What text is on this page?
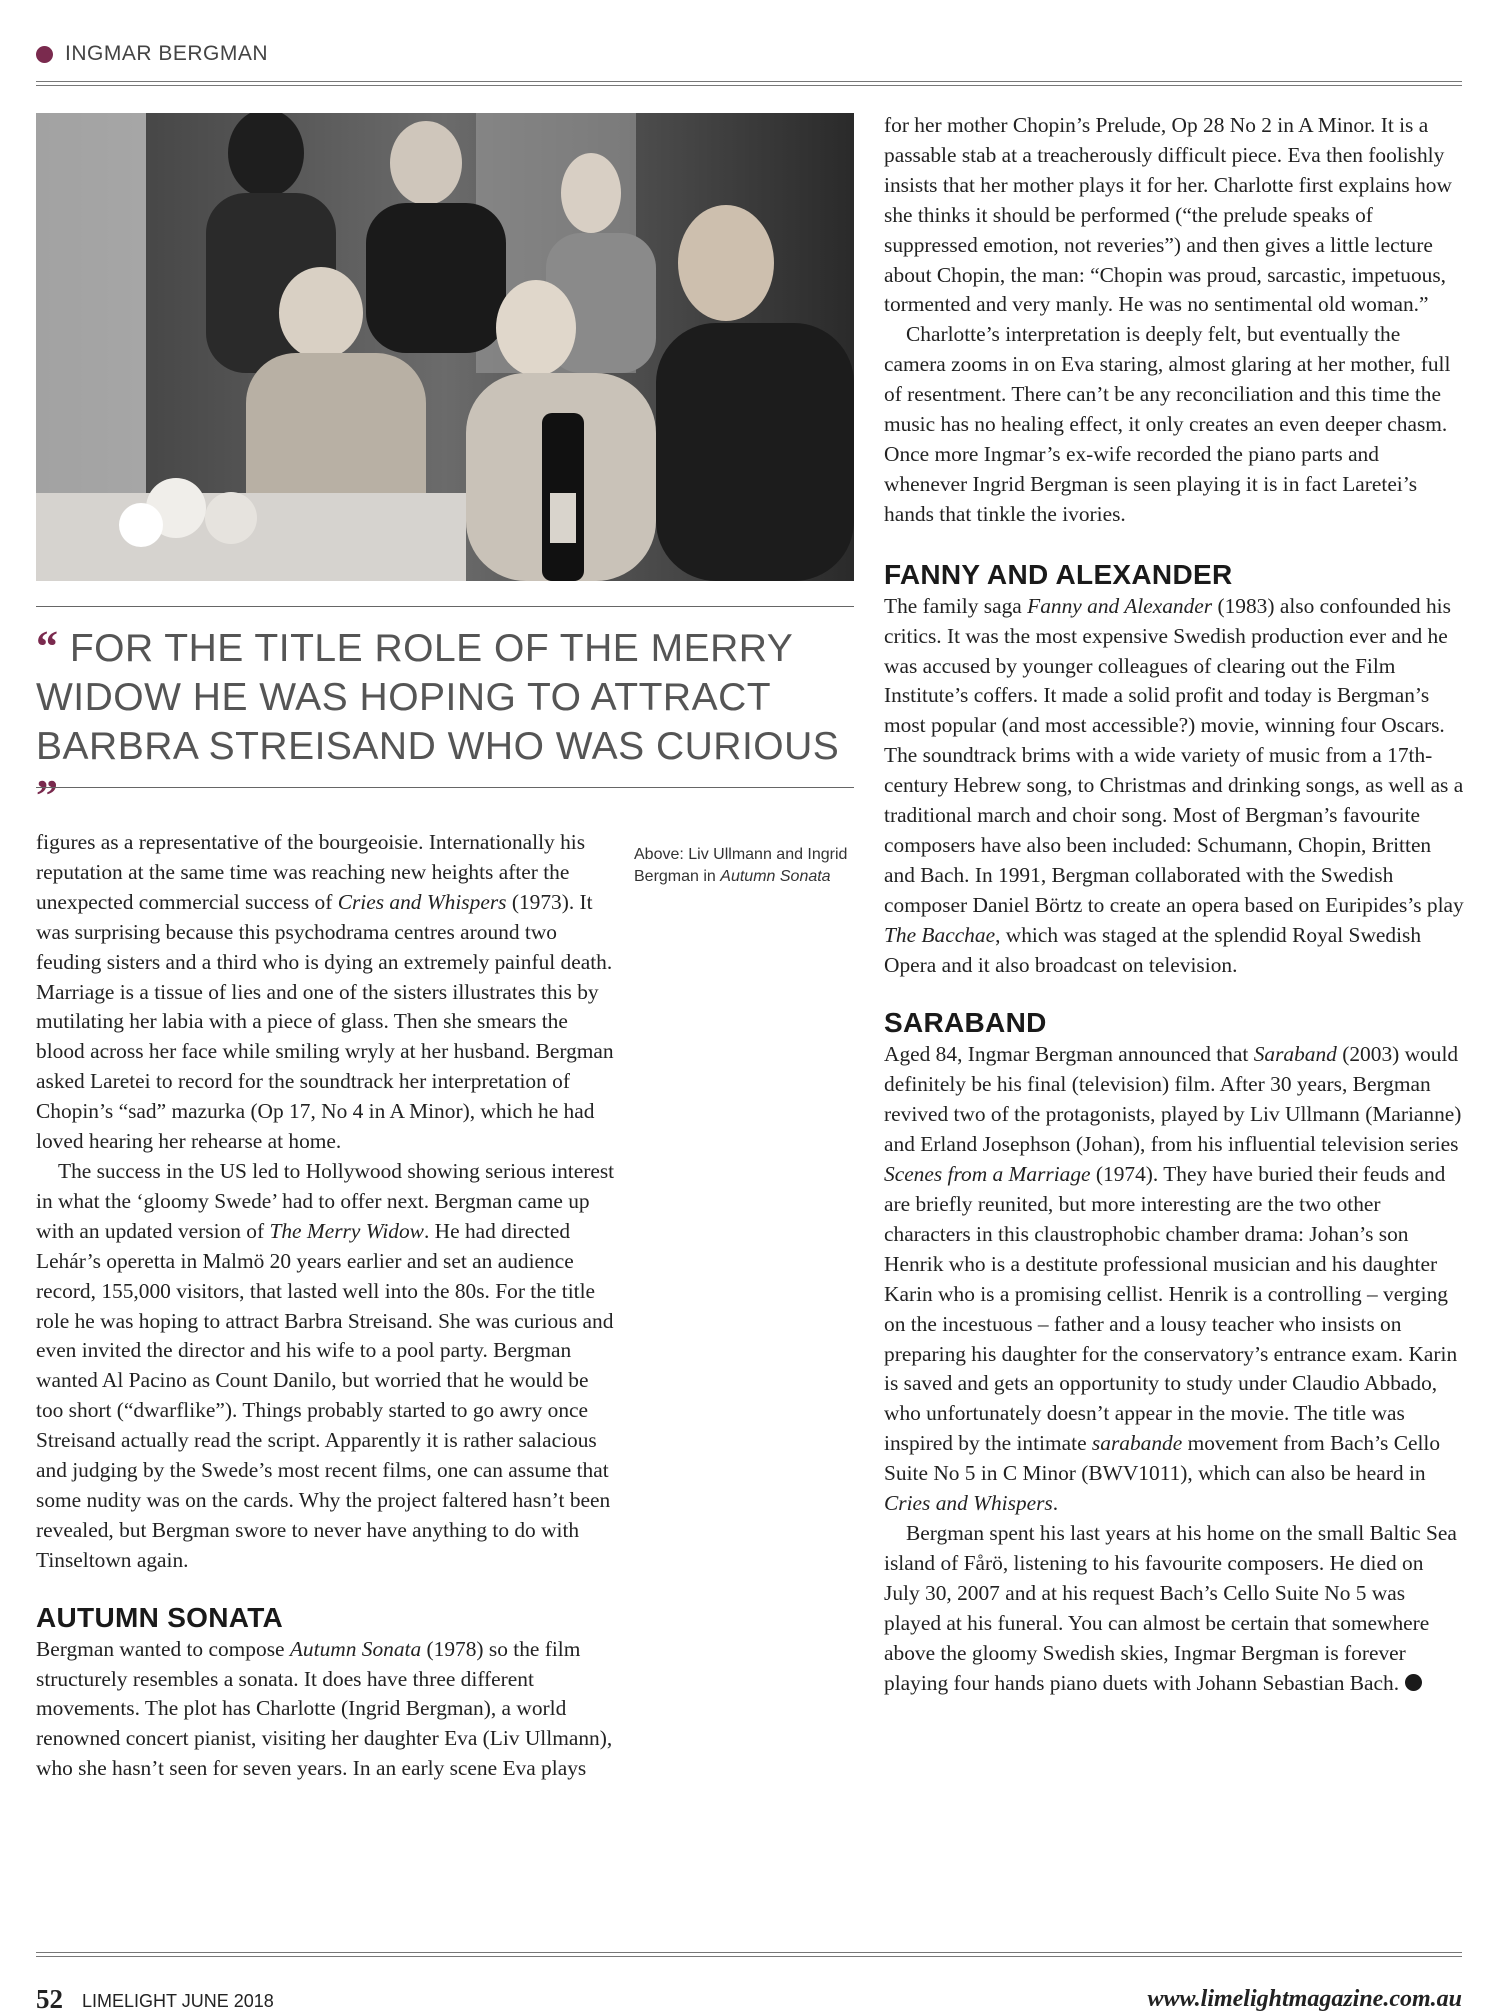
INGMAR BERGMAN

“ FOR THE TITLE ROLE OF THE MERRY WIDOW HE WAS HOPING TO ATTRACT BARBRA STREISAND WHO WAS CURIOUS ”

Above: Liv Ullmann and Ingrid Bergman in Autumn Sonata

figures as a representative of the bourgeoisie. Internationally his reputation at the same time was reaching new heights after the unexpected commercial success of Cries and Whispers (1973). It was surprising because this psychodrama centres around two feuding sisters and a third who is dying an extremely painful death. Marriage is a tissue of lies and one of the sisters illustrates this by mutilating her labia with a piece of glass. Then she smears the blood across her face while smiling wryly at her husband. Bergman asked Laretei to record for the soundtrack her interpretation of Chopin’s “sad” mazurka (Op 17, No 4 in A Minor), which he had loved hearing her rehearse at home.

The success in the US led to Hollywood showing serious interest in what the ‘gloomy Swede’ had to offer next. Bergman came up with an updated version of The Merry Widow. He had directed Lehár’s operetta in Malmö 20 years earlier and set an audience record, 155,000 visitors, that lasted well into the 80s. For the title role he was hoping to attract Barbra Streisand. She was curious and even invited the director and his wife to a pool party. Bergman wanted Al Pacino as Count Danilo, but worried that he would be too short (“dwarflike”). Things probably started to go awry once Streisand actually read the script. Apparently it is rather salacious and judging by the Swede’s most recent films, one can assume that some nudity was on the cards. Why the project faltered hasn’t been revealed, but Bergman swore to never have anything to do with Tinseltown again.

AUTUMN SONATA

Bergman wanted to compose Autumn Sonata (1978) so the film structurely resembles a sonata. It does have three different movements. The plot has Charlotte (Ingrid Bergman), a world renowned concert pianist, visiting her daughter Eva (Liv Ullmann), who she hasn’t seen for seven years. In an early scene Eva plays

for her mother Chopin’s Prelude, Op 28 No 2 in A Minor. It is a passable stab at a treacherously difficult piece. Eva then foolishly insists that her mother plays it for her. Charlotte first explains how she thinks it should be performed (“the prelude speaks of suppressed emotion, not reveries”) and then gives a little lecture about Chopin, the man: “Chopin was proud, sarcastic, impetuous, tormented and very manly. He was no sentimental old woman.”

Charlotte’s interpretation is deeply felt, but eventually the camera zooms in on Eva staring, almost glaring at her mother, full of resentment. There can’t be any reconciliation and this time the music has no healing effect, it only creates an even deeper chasm. Once more Ingmar’s ex-wife recorded the piano parts and whenever Ingrid Bergman is seen playing it is in fact Laretei’s hands that tinkle the ivories.

FANNY AND ALEXANDER

The family saga Fanny and Alexander (1983) also confounded his critics. It was the most expensive Swedish production ever and he was accused by younger colleagues of clearing out the Film Institute’s coffers. It made a solid profit and today is Bergman’s most popular (and most accessible?) movie, winning four Oscars. The soundtrack brims with a wide variety of music from a 17th-century Hebrew song, to Christmas and drinking songs, as well as a traditional march and choir song. Most of Bergman’s favourite composers have also been included: Schumann, Chopin, Britten and Bach. In 1991, Bergman collaborated with the Swedish composer Daniel Börtz to create an opera based on Euripides’s play The Bacchae, which was staged at the splendid Royal Swedish Opera and it also broadcast on television.

SARABAND

Aged 84, Ingmar Bergman announced that Saraband (2003) would definitely be his final (television) film. After 30 years, Bergman revived two of the protagonists, played by Liv Ullmann (Marianne) and Erland Josephson (Johan), from his influential television series Scenes from a Marriage (1974). They have buried their feuds and are briefly reunited, but more interesting are the two other characters in this claustrophobic chamber drama: Johan’s son Henrik who is a destitute professional musician and his daughter Karin who is a promising cellist. Henrik is a controlling – verging on the incestuous – father and a lousy teacher who insists on preparing his daughter for the conservatory’s entrance exam. Karin is saved and gets an opportunity to study under Claudio Abbado, who unfortunately doesn’t appear in the movie. The title was inspired by the intimate sarabande movement from Bach’s Cello Suite No 5 in C Minor (BWV1011), which can also be heard in Cries and Whispers.

Bergman spent his last years at his home on the small Baltic Sea island of Fårö, listening to his favourite composers. He died on July 30, 2007 and at his request Bach’s Cello Suite No 5 was played at his funeral. You can almost be certain that somewhere above the gloomy Swedish skies, Ingmar Bergman is forever playing four hands piano duets with Johann Sebastian Bach.

52 LIMELIGHT JUNE 2018	www.limelightmagazine.com.au
